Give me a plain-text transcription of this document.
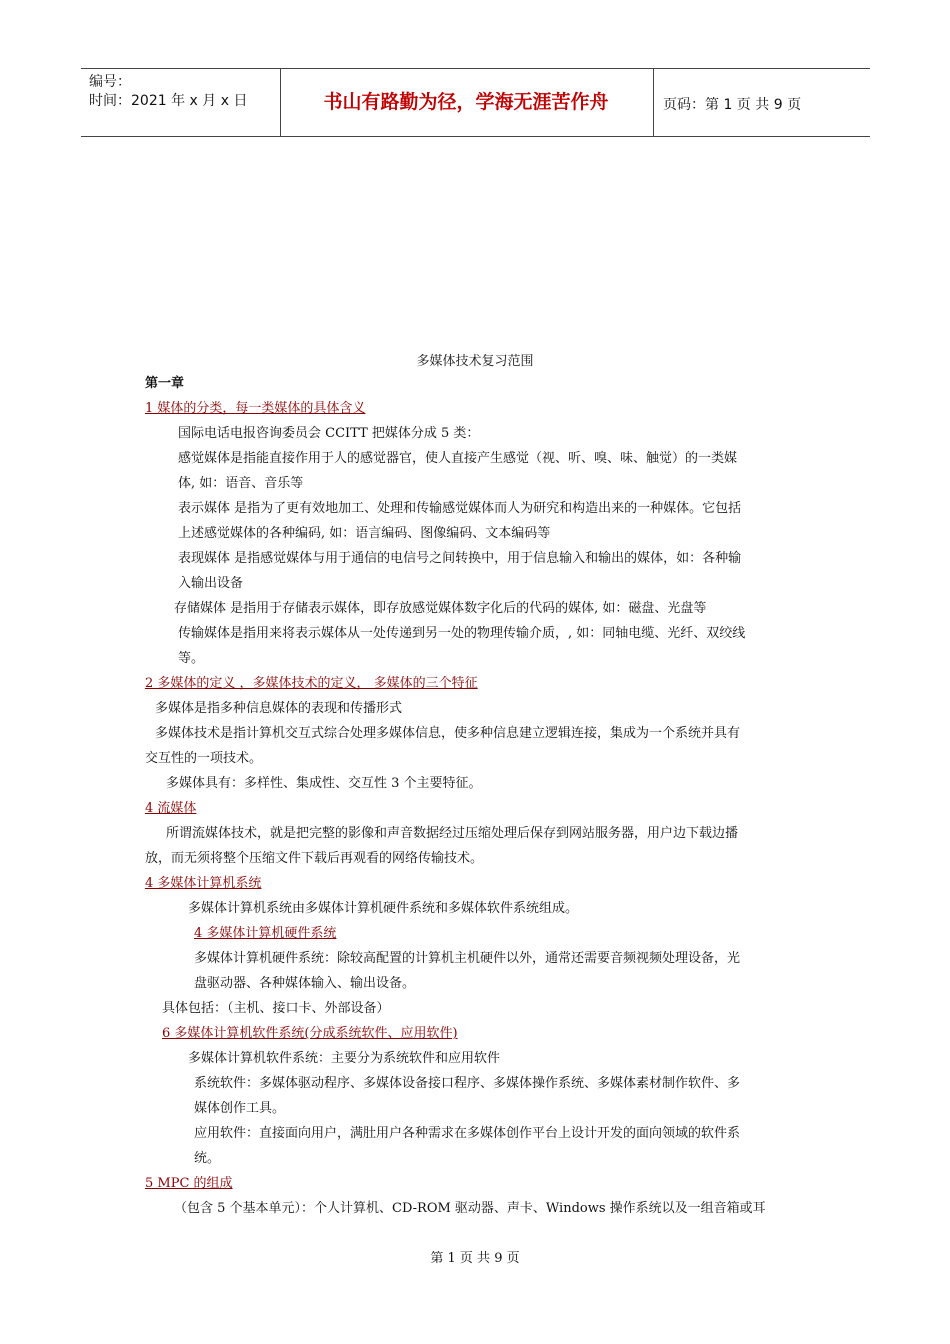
编号：
时间：2021 年 x 月 x 日	书山有路勤为径，学海无涯苦作舟	页码：第 1 页 共 9 页
多媒体技术复习范围
第一章
1 媒体的分类，每一类媒体的具体含义
国际电话电报咨询委员会 CCITT 把媒体分成 5 类：
感觉媒体是指能直接作用于人的感觉器官，使人直接产生感觉（视、听、嗅、味、触觉）的一类媒
体, 如：语音、音乐等
表示媒体 是指为了更有效地加工、处理和传输感觉媒体而人为研究和构造出来的一种媒体。它包括
上述感觉媒体的各种编码, 如：语言编码、图像编码、文本编码等
表现媒体 是指感觉媒体与用于通信的电信号之间转换中，用于信息输入和输出的媒体，如：各种输
入输出设备
存储媒体 是指用于存储表示媒体，即存放感觉媒体数字化后的代码的媒体, 如：磁盘、光盘等
传输媒体是指用来将表示媒体从一处传递到另一处的物理传输介质，, 如：同轴电缆、光纤、双绞线
等。
2 多媒体的定义 ，多媒体技术的定义， 多媒体的三个特征
多媒体是指多种信息媒体的表现和传播形式
多媒体技术是指计算机交互式综合处理多媒体信息，使多种信息建立逻辑连接，集成为一个系统并具有
交互性的一项技术。
多媒体具有：多样性、集成性、交互性 3 个主要特征。
4 流媒体
所谓流媒体技术，就是把完整的影像和声音数据经过压缩处理后保存到网站服务器，用户边下载边播
放，而无须将整个压缩文件下载后再观看的网络传输技术。
4 多媒体计算机系统
多媒体计算机系统由多媒体计算机硬件系统和多媒体软件系统组成。
4 多媒体计算机硬件系统
多媒体计算机硬件系统：除较高配置的计算机主机硬件以外，通常还需要音频视频处理设备，光
盘驱动器、各种媒体输入、输出设备。
具体包括：（主机、接口卡、外部设备）
6 多媒体计算机软件系统(分成系统软件、应用软件)
多媒体计算机软件系统：主要分为系统软件和应用软件
系统软件：多媒体驱动程序、多媒体设备接口程序、多媒体操作系统、多媒体素材制作软件、多
媒体创作工具。
应用软件：直接面向用户，满肚用户各种需求在多媒体创作平台上设计开发的面向领域的软件系
统。
5 MPC 的组成
（包含 5 个基本单元）：个人计算机、CD-ROM 驱动器、声卡、Windows 操作系统以及一组音箱或耳
第 1 页 共 9 页
